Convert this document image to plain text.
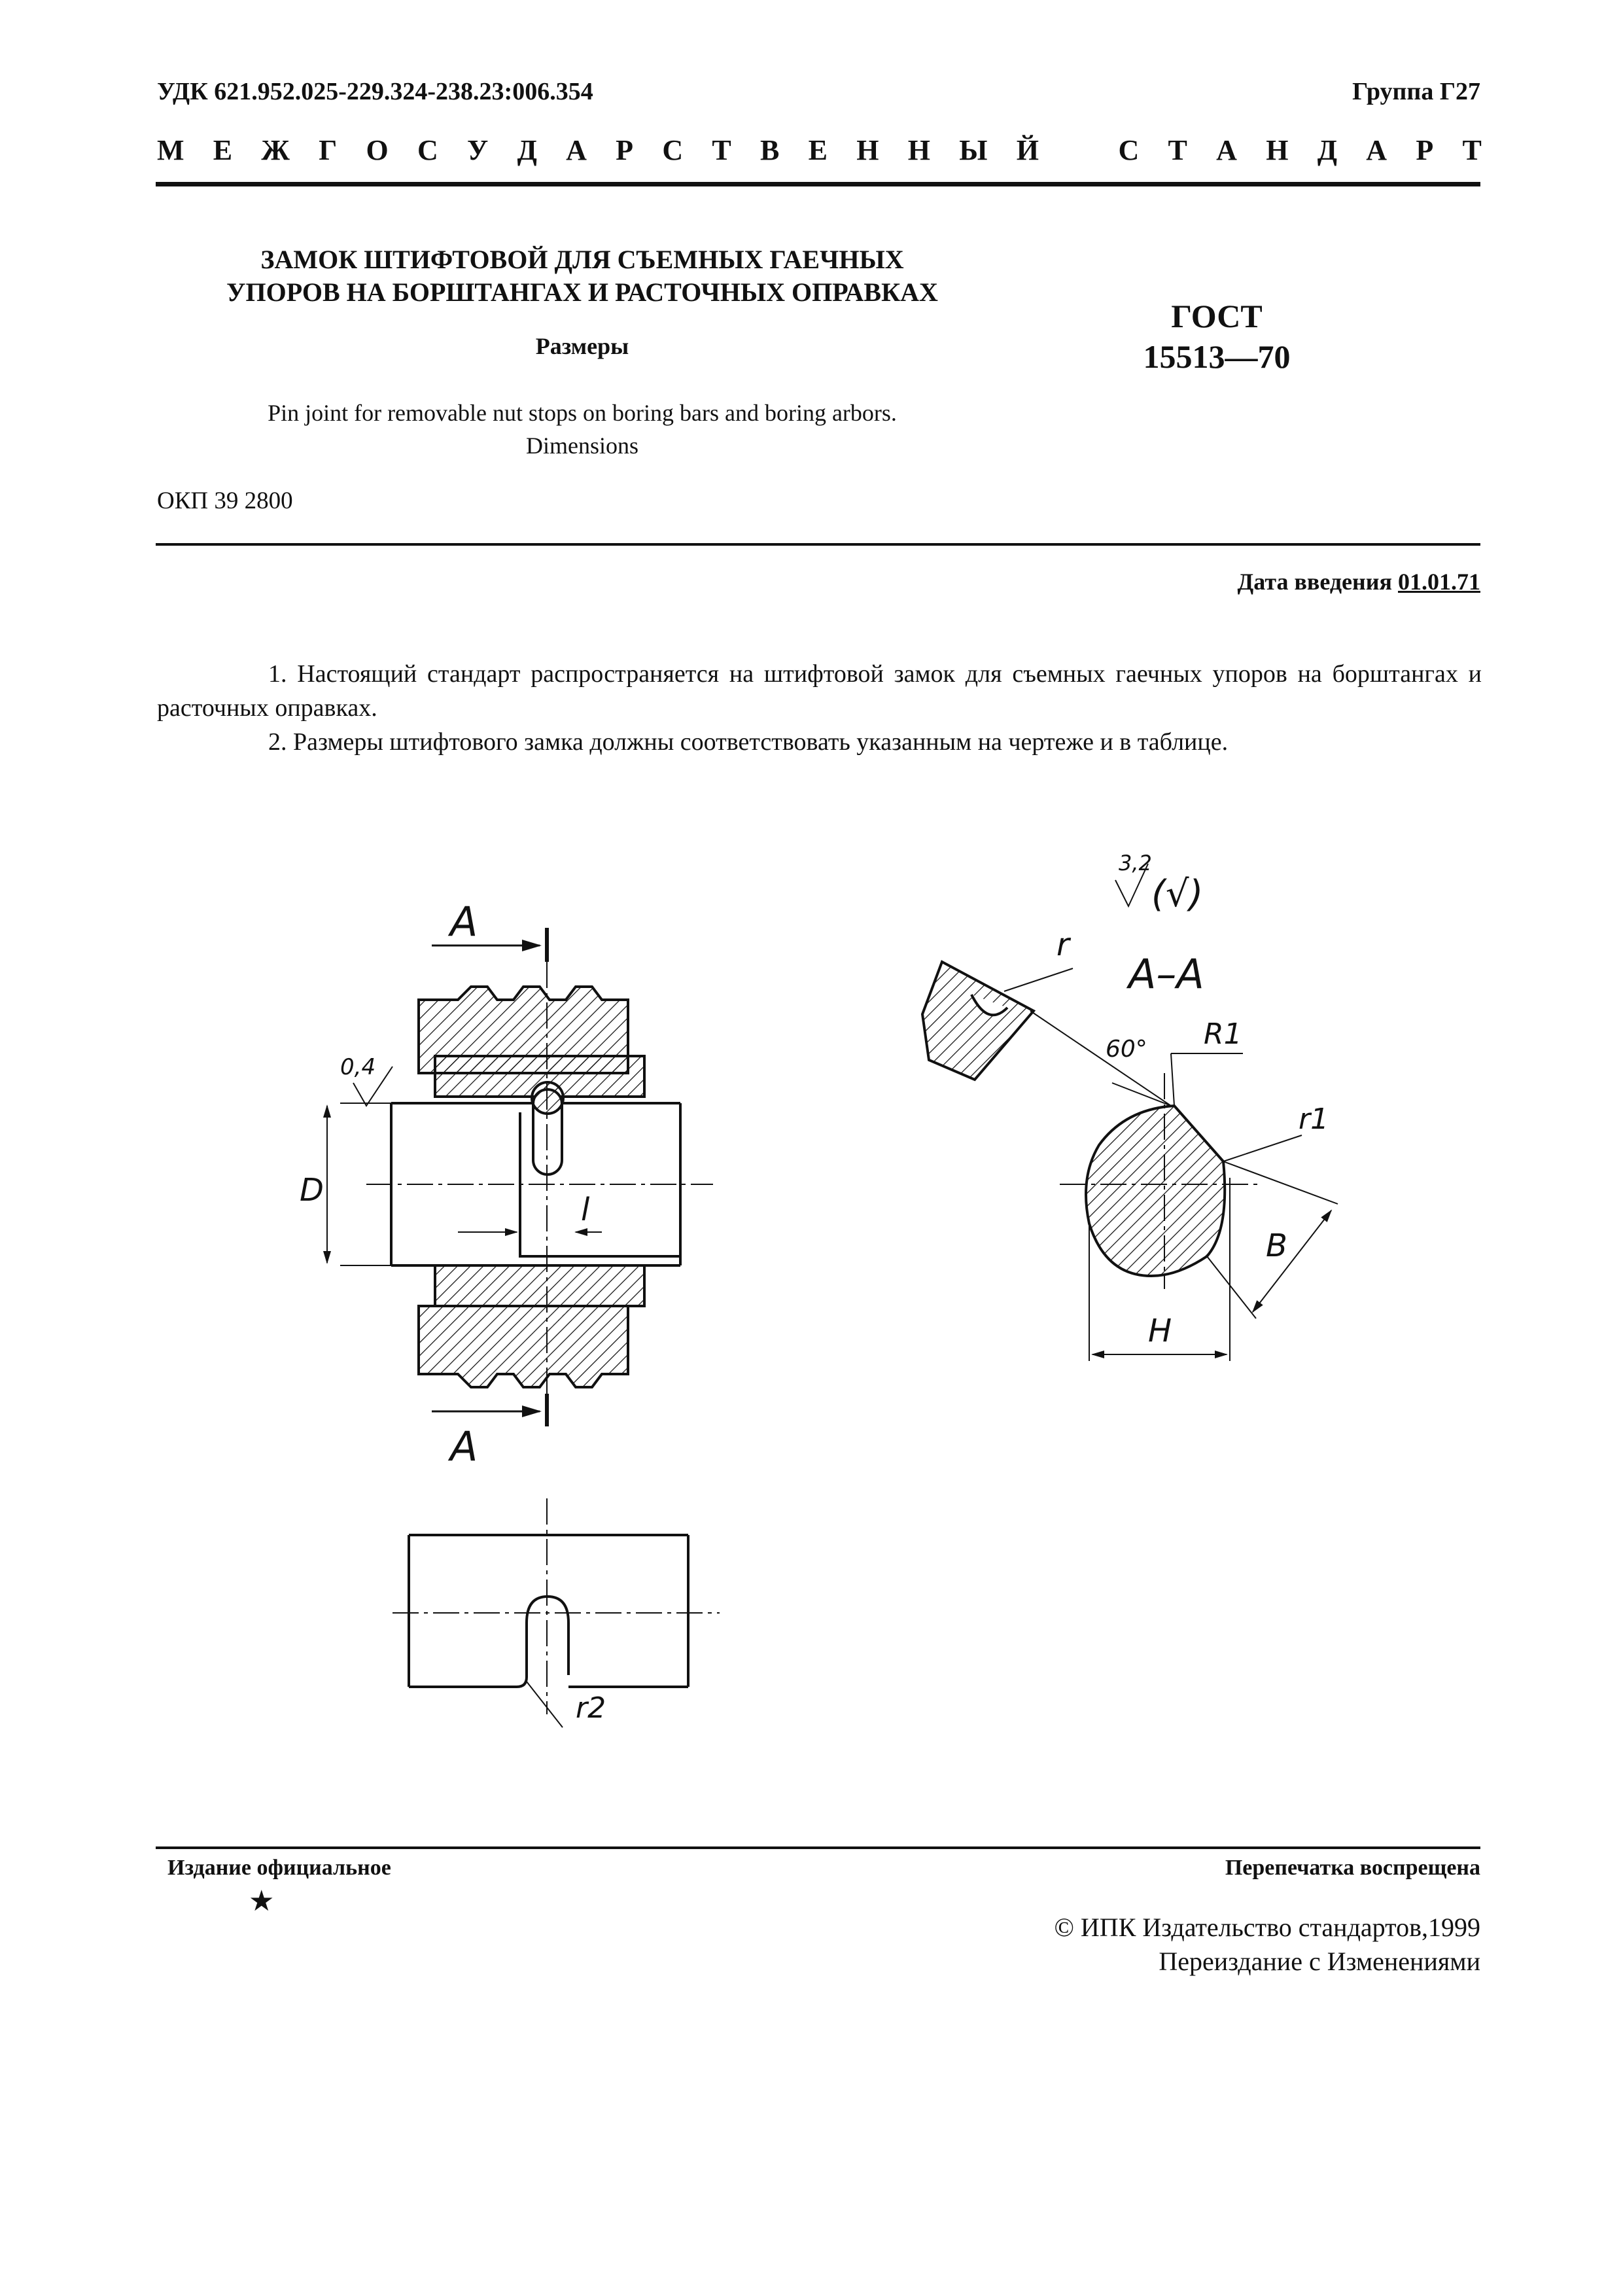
УДК 621.952.025-229.324-238.23:006.354	Группа Г27
М Е Ж Г О С У Д А Р С Т В Е Н Н Ы Й
	С Т А Н Д А Р Т
ЗАМОК ШТИФТОВОЙ ДЛЯ СЪЕМНЫХ ГАЕЧНЫХ
УПОРОВ НА БОРШТАНГАХ И РАСТОЧНЫХ ОПРАВКАХ
Размеры
Pin joint for removable nut stops on boring bars and boring arbors.
Dimensions
ГОСТ
15513—70
ОКП 39 2800
Дата введения 01.01.71

1. Настоящий стандарт распространяется на штифтовой замок для съемных гаечных упоров на борштангах и расточных оправках.

2. Размеры штифтового замка должны соответствовать указанным на чертеже и в таблице.

A
A
0,4
D
l
3,2
(√)
A–A
r
60° R1
r1
B
H
r2
Издание официальное
★
Перепечатка воспрещена
© ИПК Издательство стандартов,1999
Переиздание с Изменениями
